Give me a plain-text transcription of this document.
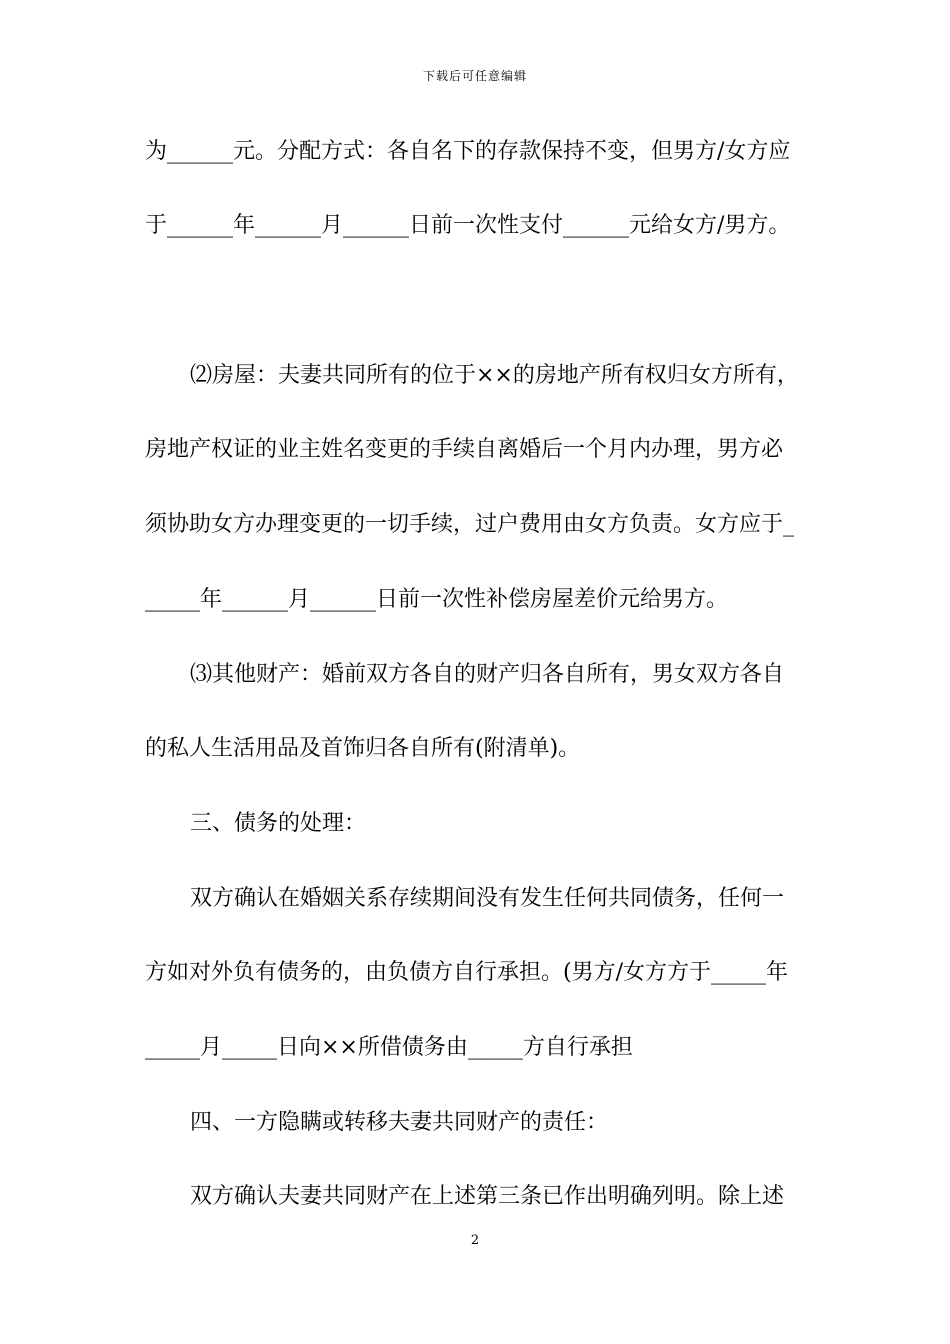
下载后可任意编辑
为______元。分配方式：各自名下的存款保持不变，但男方/女方应
于______年______月______日前一次性支付______元给女方/男方。
⑵房屋：夫妻共同所有的位于××的房地产所有权归女方所有，
房地产权证的业主姓名变更的手续自离婚后一个月内办理，男方必
须协助女方办理变更的一切手续，过户费用由女方负责。女方应于_
_____年______月______日前一次性补偿房屋差价元给男方。
⑶其他财产：婚前双方各自的财产归各自所有，男女双方各自
的私人生活用品及首饰归各自所有(附清单)。
三、债务的处理：
双方确认在婚姻关系存续期间没有发生任何共同债务，任何一
方如对外负有债务的，由负债方自行承担。(男方/女方方于_____年
_____月_____日向××所借债务由_____方自行承担
四、一方隐瞒或转移夫妻共同财产的责任：
双方确认夫妻共同财产在上述第三条已作出明确列明。除上述
2
